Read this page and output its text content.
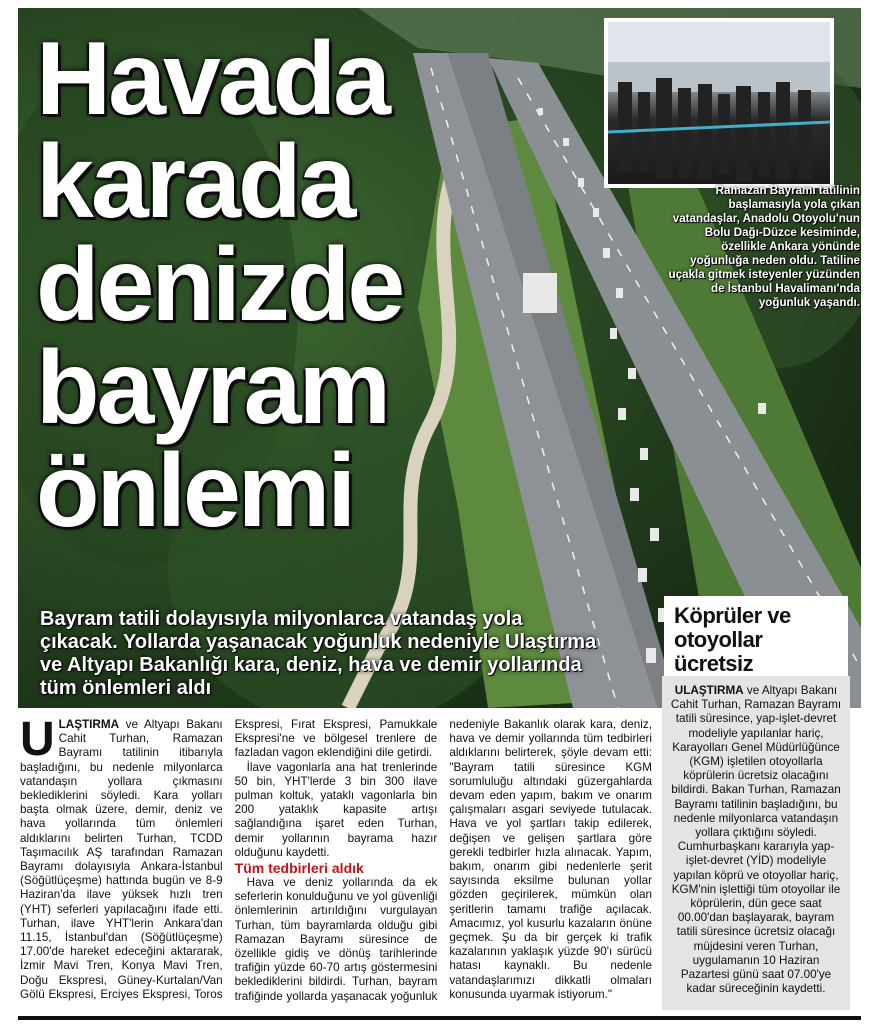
Havada
karada
denizde
bayram
önlemi

Bayram tatili dolayısıyla milyonlarca vatandaş yola çıkacak. Yollarda yaşanacak yoğunluk nedeniyle Ulaştırma ve Altyapı Bakanlığı kara, deniz, hava ve demir yollarında tüm önlemleri aldı

Ramazan Bayramı tatilinin başlamasıyla yola çıkan vatandaşlar, Anadolu Otoyolu'nun Bolu Dağı-Düzce kesiminde, özellikle Ankara yönünde yoğunluğa neden oldu. Tatiline uçakla gitmek isteyenler yüzünden de İstanbul Havalimanı'nda yoğunluk yaşandı.

Köprüler ve otoyollar ücretsiz

ULAŞTIRMA ve Altyapı Bakanı Cahit Turhan, Ramazan Bayramı tatilinin itibarıyla başladığını, bu nedenle milyonlarca vatandaşın yollara çıkmasını beklediklerini söyledi. Kara yolları başta olmak üzere, demir, deniz ve hava yollarında tüm önlemleri aldıklarını belirten Turhan, TCDD Taşımacılık AŞ tarafından Ramazan Bayramı dolayısıyla Ankara-İstanbul (Söğütlüçeşme) hattında bugün ve 8-9 Haziran'da ilave yüksek hızlı tren (YHT) seferleri yapılacağını ifade etti. Turhan, ilave YHT'lerin Ankara'dan 11.15, İstanbul'dan (Söğütlüçeşme) 17.00'de hareket edeceğini aktararak, İzmir Mavi Tren, Konya Mavi Tren, Doğu Ekspresi, Güney-Kurtalan/Van Gölü Ekspresi, Erciyes Ekspresi, Toros Ekspresi, Fırat Ekspresi, Pamukkale Ekspresi'ne ve bölgesel trenlere de fazladan vagon eklendiğini dile getirdi.

İlave vagonlarla ana hat trenlerinde 50 bin, YHT'lerde 3 bin 300 ilave pulman koltuk, yataklı vagonlarla bin 200 yataklık kapasite artışı sağlandığına işaret eden Turhan, demir yollarının bayrama hazır olduğunu kaydetti.

Tüm tedbirleri aldık

Hava ve deniz yollarında da ek seferlerin konulduğunu ve yol güvenliği önlemlerinin artırıldığını vurgulayan Turhan, tüm bayramlarda olduğu gibi Ramazan Bayramı süresince de özellikle gidiş ve dönüş tarihlerinde trafiğin yüzde 60-70 artış göstermesini beklediklerini bildirdi. Turhan, bayram trafiğinde yollarda yaşanacak yoğunluk nedeniyle Bakanlık olarak kara, deniz, hava ve demir yollarında tüm tedbirleri aldıklarını belirterek, şöyle devam etti: "Bayram tatili süresince KGM sorumluluğu altındaki güzergahlarda devam eden yapım, bakım ve onarım çalışmaları asgari seviyede tutulacak. Hava ve yol şartları takip edilerek, değişen ve gelişen şartlara göre gerekli tedbirler hızla alınacak. Yapım, bakım, onarım gibi nedenlerle şerit sayısında eksilme bulunan yollar gözden geçirilerek, mümkün olan şeritlerin tamamı trafiğe açılacak. Amacımız, yol kusurlu kazaların önüne geçmek. Şu da bir gerçek ki trafik kazalarının yaklaşık yüzde 90'ı sürücü hatası kaynaklı. Bu nedenle vatandaşlarımızı dikkatli olmaları konusunda uyarmak istiyorum."

ULAŞTIRMA ve Altyapı Bakanı Cahit Turhan, Ramazan Bayramı tatili süresince, yap-işlet-devret modeliyle yapılanlar hariç, Karayolları Genel Müdürlüğünce (KGM) işletilen otoyollarla köprülerin ücretsiz olacağını bildirdi. Bakan Turhan, Ramazan Bayramı tatilinin başladığını, bu nedenle milyonlarca vatandaşın yollara çıktığını söyledi. Cumhurbaşkanı kararıyla yap-işlet-devret (YİD) modeliyle yapılan köprü ve otoyollar hariç, KGM'nin işlettiği tüm otoyollar ile köprülerin, dün gece saat 00.00'dan başlayarak, bayram tatili süresince ücretsiz olacağı müjdesini veren Turhan, uygulamanın 10 Haziran Pazartesi günü saat 07.00'ye kadar süreceğinin kaydetti.
